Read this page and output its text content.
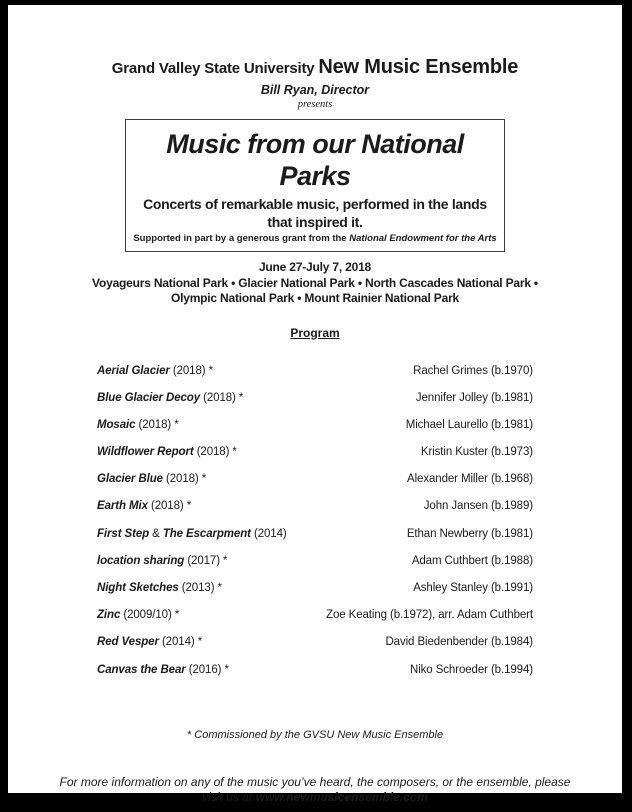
Grand Valley State University New Music Ensemble
Bill Ryan, Director
presents
Music from our National Parks
Concerts of remarkable music, performed in the lands that inspired it.
Supported in part by a generous grant from the National Endowment for the Arts
June 27-July 7, 2018
Voyageurs National Park • Glacier National Park • North Cascades National Park •
Olympic National Park • Mount Rainier National Park
Program
Aerial Glacier (2018) *	Rachel Grimes (b.1970)
Blue Glacier Decoy (2018) *	Jennifer Jolley (b.1981)
Mosaic (2018) *	Michael Laurello (b.1981)
Wildflower Report (2018) *	Kristin Kuster (b.1973)
Glacier Blue (2018) *	Alexander Miller (b.1968)
Earth Mix (2018) *	John Jansen (b.1989)
First Step & The Escarpment (2014)	Ethan Newberry (b.1981)
location sharing (2017) *	Adam Cuthbert (b.1988)
Night Sketches (2013) *	Ashley Stanley (b.1991)
Zinc (2009/10) *	Zoe Keating (b.1972), arr. Adam Cuthbert
Red Vesper (2014) *	David Biedenbender (b.1984)
Canvas the Bear (2016) *	Niko Schroeder (b.1994)
* Commissioned by the GVSU New Music Ensemble
For more information on any of the music you’ve heard, the composers, or the ensemble, please
visit us at www.newmusicensemble.com
